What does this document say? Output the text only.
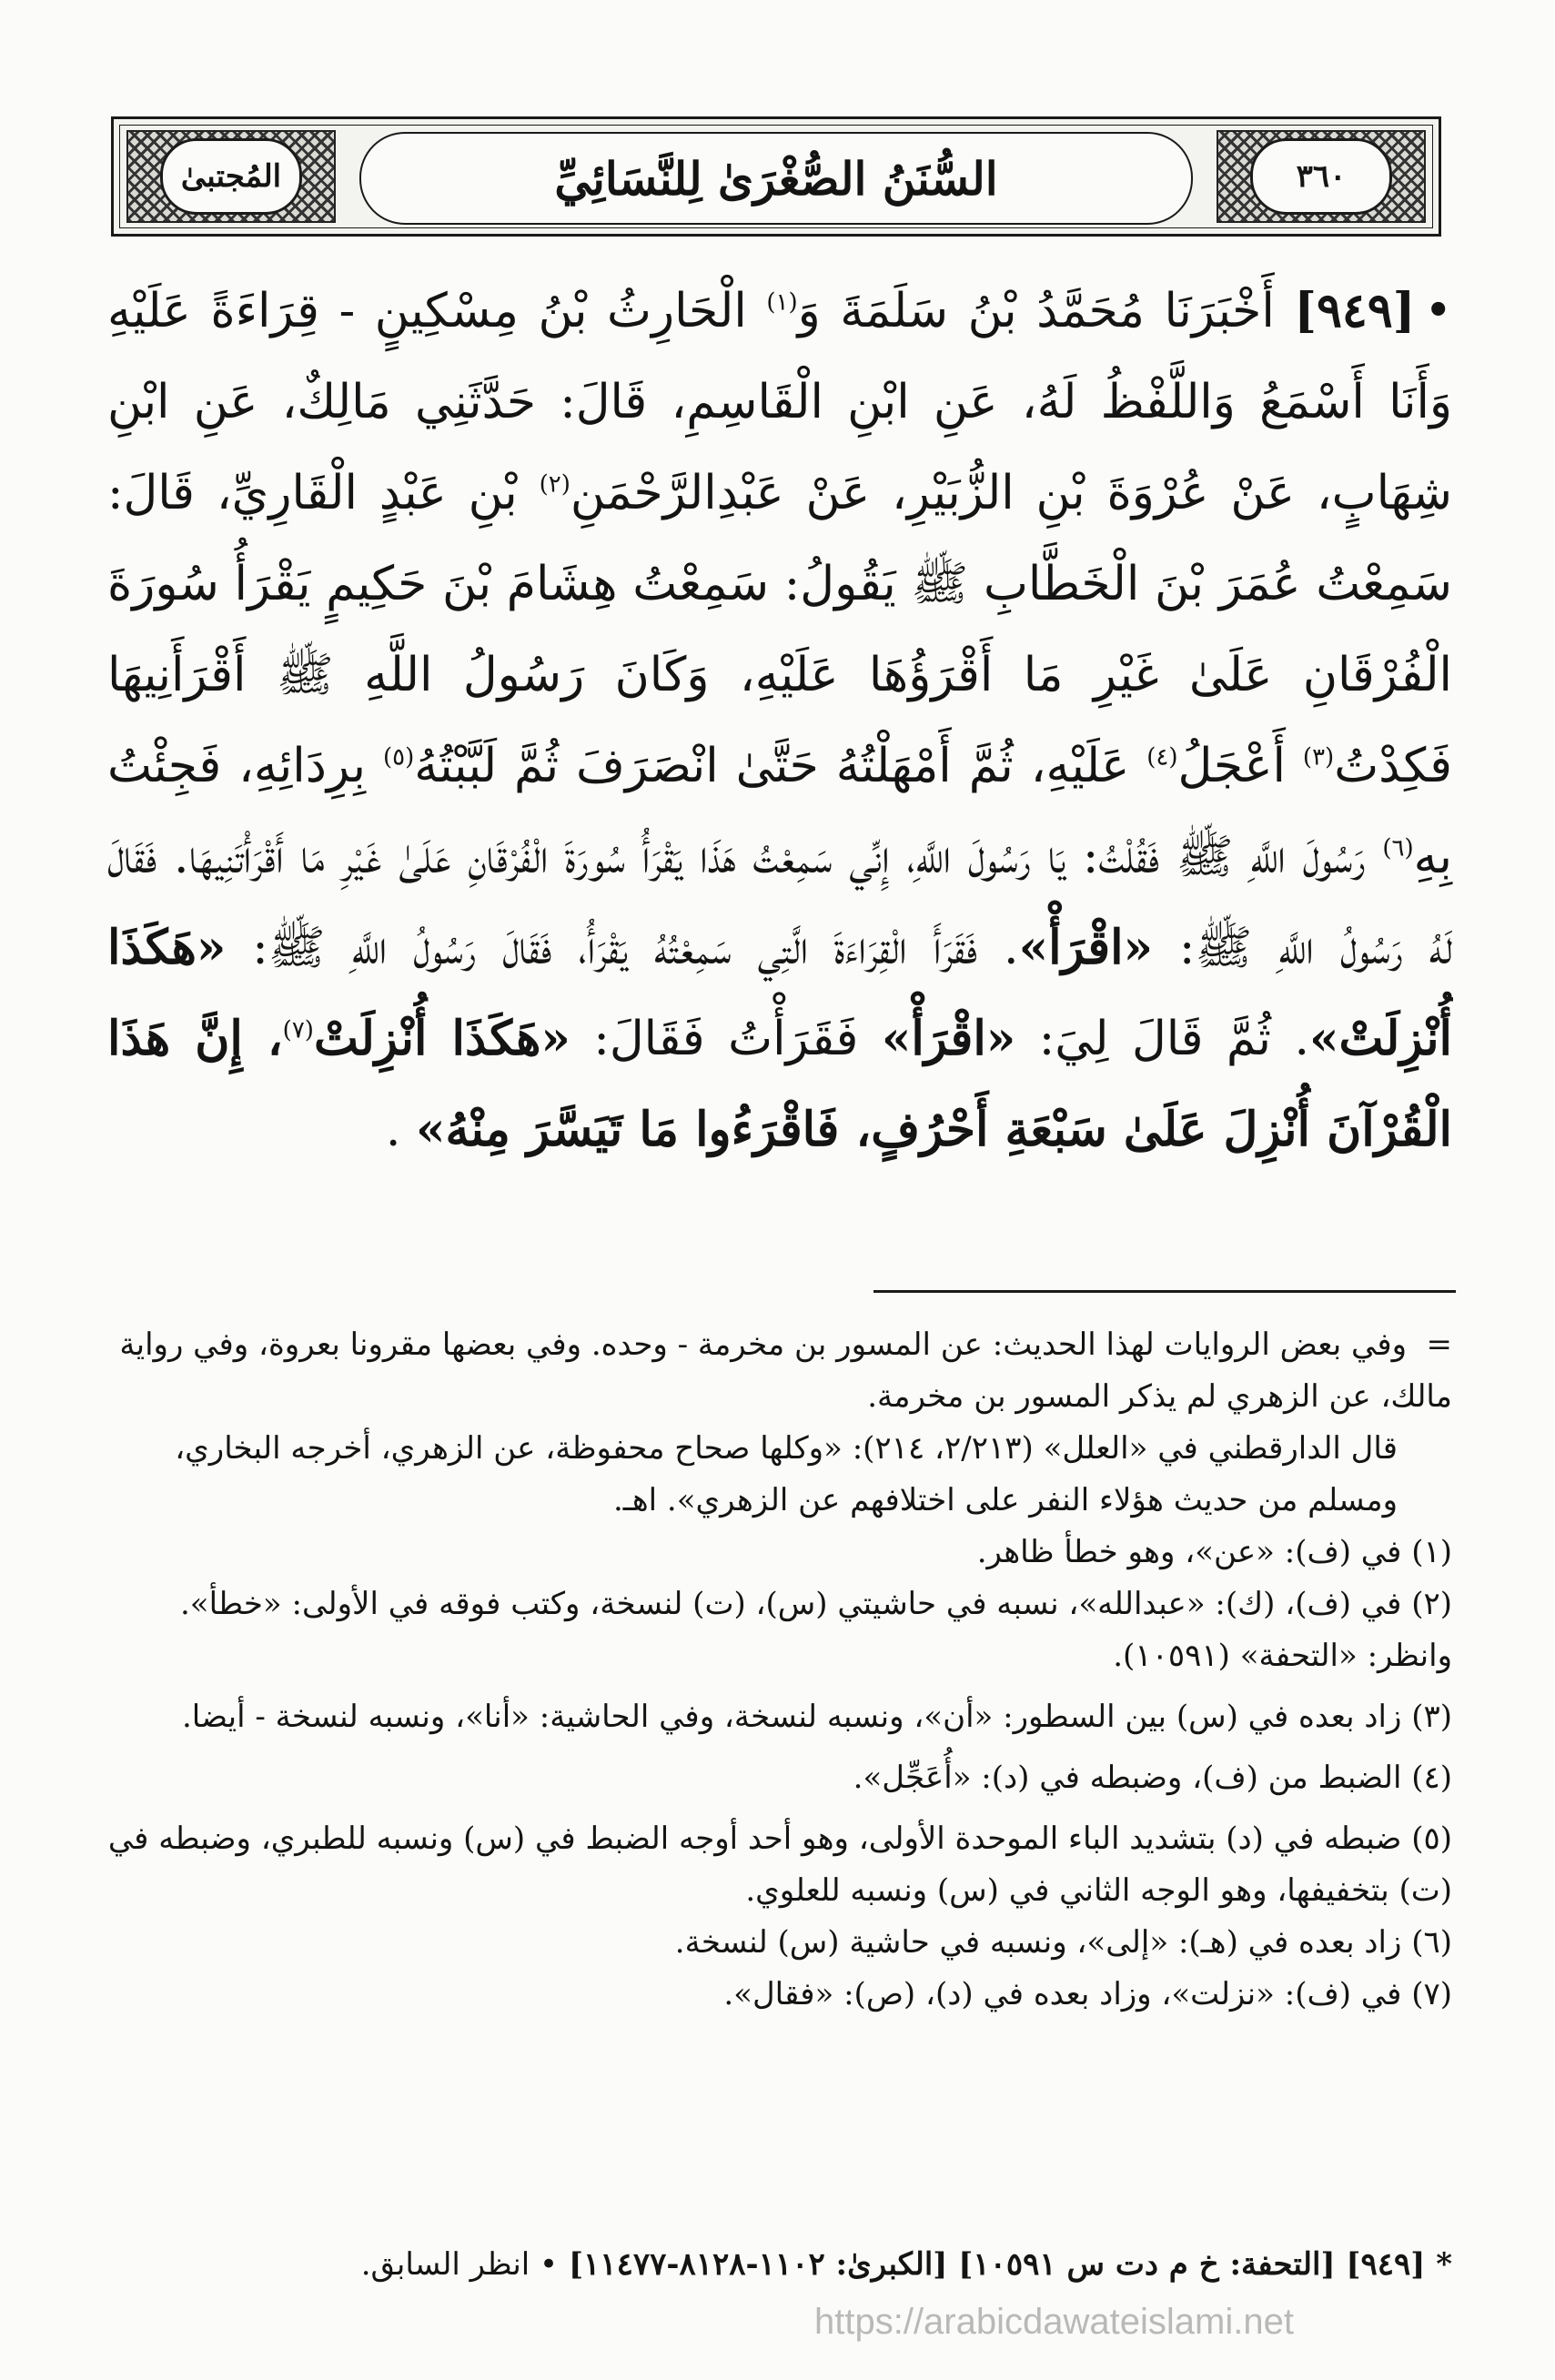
المُجتبىٰ	السُّنَنُ الصُّغْرَىٰ لِلنَّسَائِيِّ	٣٦٠
•[٩٤٩] أَخْبَرَنَا مُحَمَّدُ بْنُ سَلَمَةَ وَ$^{(١)}$ الْحَارِثُ بْنُ مِسْكِينٍ - قِرَاءَةً عَلَيْهِ وَأَنَا أَسْمَعُ وَاللَّفْظُ لَهُ، عَنِ ابْنِ الْقَاسِمِ، قَالَ: حَدَّثَنِي مَالِكٌ، عَنِ ابْنِ شِهَابٍ، عَنْ عُرْوَةَ بْنِ الزُّبَيْرِ، عَنْ عَبْدِالرَّحْمَنِ$^{(٢)}$ بْنِ عَبْدٍ الْقَارِيِّ، قَالَ: سَمِعْتُ عُمَرَ بْنَ الْخَطَّابِ ﷺ يَقُولُ: سَمِعْتُ هِشَامَ بْنَ حَكِيمٍ يَقْرَأُ سُورَةَ الْفُرْقَانِ عَلَىٰ غَيْرِ مَا أَقْرَؤُهَا عَلَيْهِ، وَكَانَ رَسُولُ اللَّهِ ﷺ أَقْرَأَنِيهَا فَكِدْتُ$^{(٣)}$ أَعْجَلُ$^{(٤)}$ عَلَيْهِ، ثُمَّ أَمْهَلْتُهُ حَتَّىٰ انْصَرَفَ ثُمَّ لَبَّبْتُهُ$^{(٥)}$ بِرِدَائِهِ، فَجِئْتُ بِهِ$^{(٦)}$ رَسُولَ اللَّهِ ﷺ فَقُلْتُ: يَا رَسُولَ اللَّهِ، إِنِّي سَمِعْتُ هَذَا يَقْرَأُ سُورَةَ الْفُرْقَانِ عَلَىٰ غَيْرِ مَا أَقْرَأْتَنِيهَا. فَقَالَ لَهُ رَسُولُ اللَّهِ ﷺ: «اقْرَأْ». فَقَرَأَ الْقِرَاءَةَ الَّتِي سَمِعْتُهُ يَقْرَأُ، فَقَالَ رَسُولُ اللَّهِ ﷺ: «هَكَذَا أُنْزِلَتْ». ثُمَّ قَالَ لِيَ: «اقْرَأْ» فَقَرَأْتُ فَقَالَ: «هَكَذَا أُنْزِلَتْ$^{(٧)}$، إِنَّ هَذَا الْقُرْآنَ أُنْزِلَ عَلَىٰ سَبْعَةِ أَحْرُفٍ، فَاقْرَءُوا مَا تَيَسَّرَ مِنْهُ» .

=وفي بعض الروايات لهذا الحديث: عن المسور بن مخرمة - وحده. وفي بعضها مقرونا بعروة، وفي رواية مالك، عن الزهري لم يذكر المسور بن مخرمة.

قال الدارقطني في «العلل» (٢/٢١٣، ٢١٤): «وكلها صحاح محفوظة، عن الزهري، أخرجه البخاري، ومسلم من حديث هؤلاء النفر على اختلافهم عن الزهري». اهـ.

(١) في (ف): «عن»، وهو خطأ ظاهر.

(٢) في (ف)، (ك): «عبدالله»، نسبه في حاشيتي (س)، (ت) لنسخة، وكتب فوقه في الأولى: «خطأ». وانظر: «التحفة» (١٠٥٩١).

(٣) زاد بعده في (س) بين السطور: «أن»، ونسبه لنسخة، وفي الحاشية: «أنا»، ونسبه لنسخة - أيضا.

(٤) الضبط من (ف)، وضبطه في (د): «أُعَجِّل».

(٥) ضبطه في (د) بتشديد الباء الموحدة الأولى، وهو أحد أوجه الضبط في (س) ونسبه للطبري، وضبطه في (ت) بتخفيفها، وهو الوجه الثاني في (س) ونسبه للعلوي.

(٦) زاد بعده في (هـ): «إلى»، ونسبه في حاشية (س) لنسخة.

(٧) في (ف): «نزلت»، وزاد بعده في (د)، (ص): «فقال».

* [٩٤٩] [التحفة: خ م دت س ١٠٥٩١] [الكبرىٰ: ١١٠٢-٨١٢٨-١١٤٧٧] • انظر السابق.
https://arabicdawateislami.net
